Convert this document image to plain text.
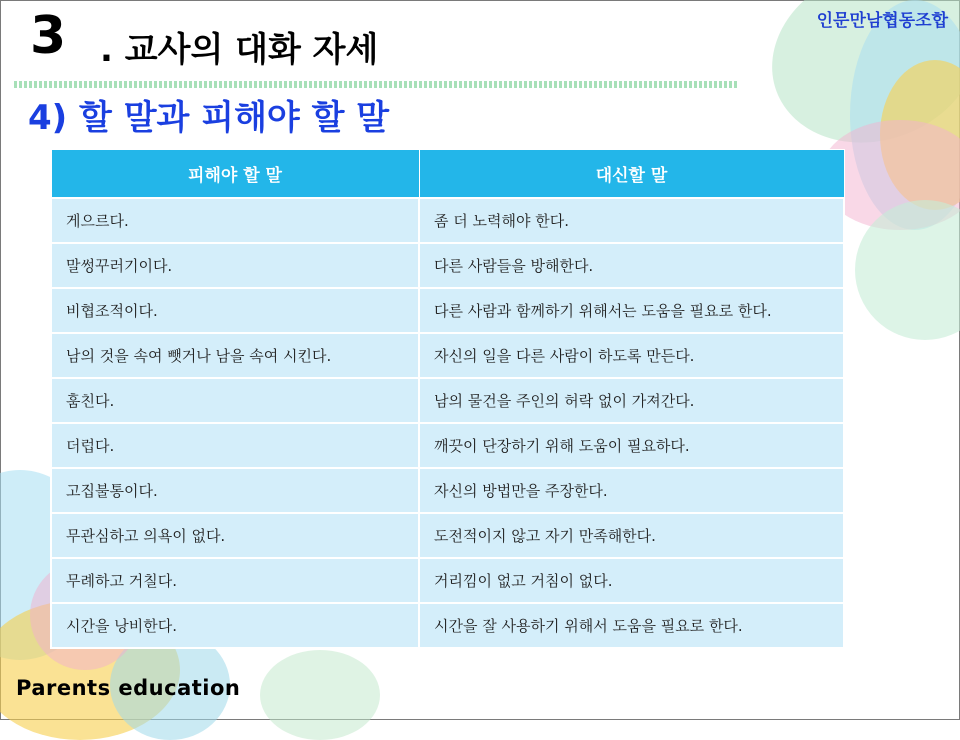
인문만남협동조합
3 . 교사의 대화 자세
4) 할 말과 피해야 할 말
피해야 할 말	대신할 말
게으르다.	좀 더 노력해야 한다.
말썽꾸러기이다.	다른 사람들을 방해한다.
비협조적이다.	다른 사람과 함께하기 위해서는 도움을 필요로 한다.
남의 것을 속여 뺏거나 남을 속여 시킨다.	자신의 일을 다른 사람이 하도록 만든다.
훔친다.	남의 물건을 주인의 허락 없이 가져간다.
더럽다.	깨끗이 단장하기 위해 도움이 필요하다.
고집불통이다.	자신의 방법만을 주장한다.
무관심하고 의욕이 없다.	도전적이지 않고 자기 만족해한다.
무례하고 거칠다.	거리낌이 없고 거침이 없다.
시간을 낭비한다.	시간을 잘 사용하기 위해서 도움을 필요로 한다.
Parents education
